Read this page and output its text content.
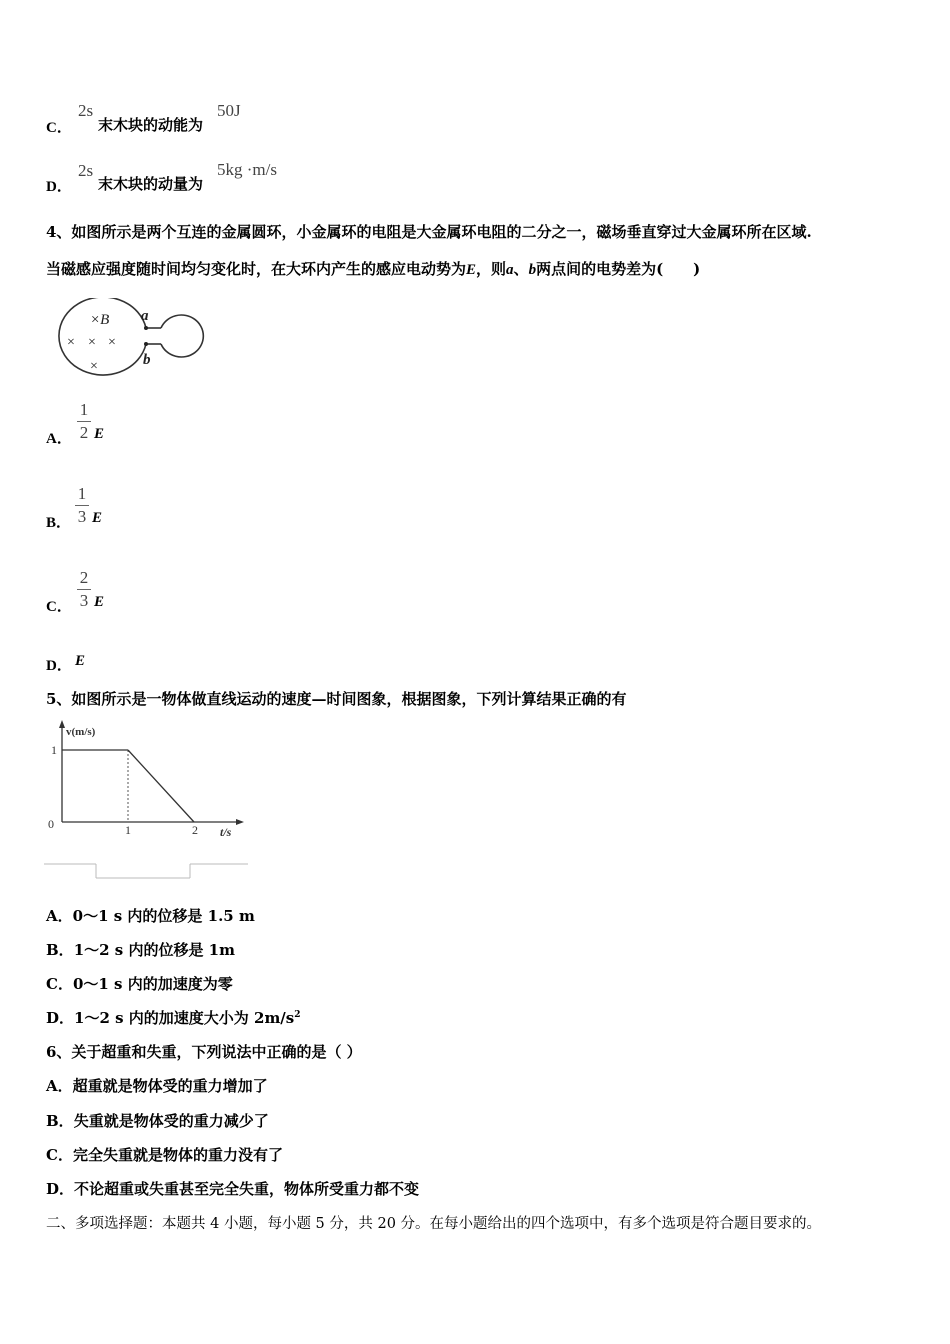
C．
2s
末木块的动能为
50J
D．
2s
末木块的动量为
5kg ·m/s
4、如图所示是两个互连的金属圆环，小金属环的电阻是大金属环电阻的二分之一，磁场垂直穿过大金属环所在区域.
当磁感应强度随时间均匀变化时，在大环内产生的感应电动势为E，则a、b两点间的电势差为(　　)
×B a
b
× × ×
×
A．
1
2 E
B．
1
3 E
C．
2
3 E
D． E
5、如图所示是一物体做直线运动的速度—时间图象，根据图象，下列计算结果正确的有
v(m/s)
t/s
0	1	2
1
A．0～1 s 内的位移是 1.5 m
B．1～2 s 内的位移是 1m
C．0～1 s 内的加速度为零
D．1～2 s 内的加速度大小为 $2m/s^2$
6、关于超重和失重，下列说法中正确的是（ ）
A．超重就是物体受的重力增加了
B．失重就是物体受的重力减少了
C．完全失重就是物体的重力没有了
D．不论超重或失重甚至完全失重，物体所受重力都不变
二、多项选择题：本题共 4 小题，每小题 5 分，共 20 分。在每小题给出的四个选项中，有多个选项是符合题目要求的。
